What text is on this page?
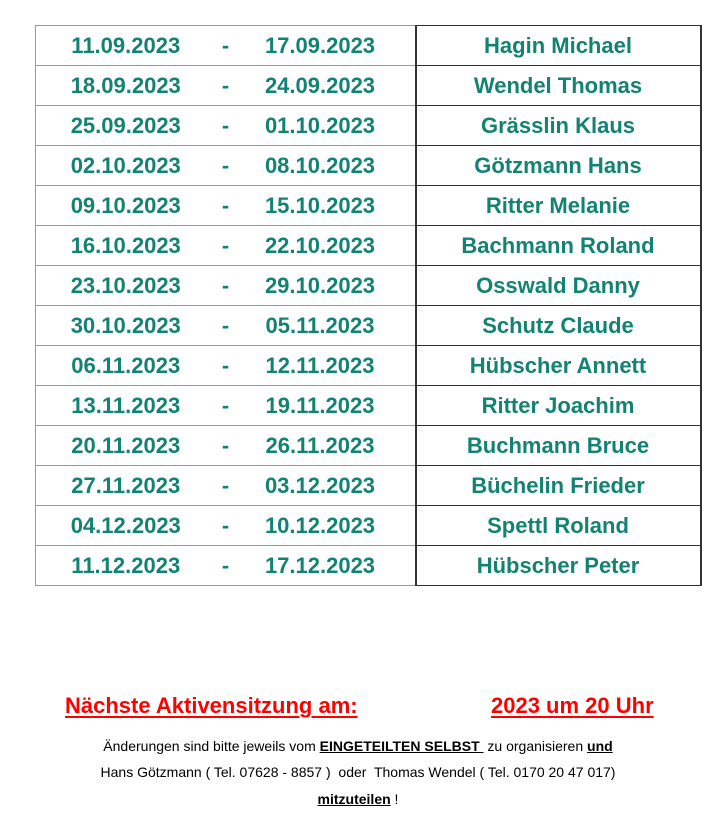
11.09.2023	-	17.09.2023	Hagin Michael
18.09.2023	-	24.09.2023	Wendel Thomas
25.09.2023	-	01.10.2023	Grässlin Klaus
02.10.2023	-	08.10.2023	Götzmann Hans
09.10.2023	-	15.10.2023	Ritter Melanie
16.10.2023	-	22.10.2023	Bachmann Roland
23.10.2023	-	29.10.2023	Osswald Danny
30.10.2023	-	05.11.2023	Schutz Claude
06.11.2023	-	12.11.2023	Hübscher Annett
13.11.2023	-	19.11.2023	Ritter Joachim
20.11.2023	-	26.11.2023	Buchmann Bruce
27.11.2023	-	03.12.2023	Büchelin Frieder
04.12.2023	-	10.12.2023	Spettl Roland
11.12.2023	-	17.12.2023	Hübscher Peter
Nächste Aktivensitzung am:	2023 um 20 Uhr
Änderungen sind bitte jeweils vom EINGETEILTEN SELBST  zu organisieren und
Hans Götzmann ( Tel. 07628 - 8857 )  oder  Thomas Wendel ( Tel. 0170 20 47 017)
mitzuteilen !
